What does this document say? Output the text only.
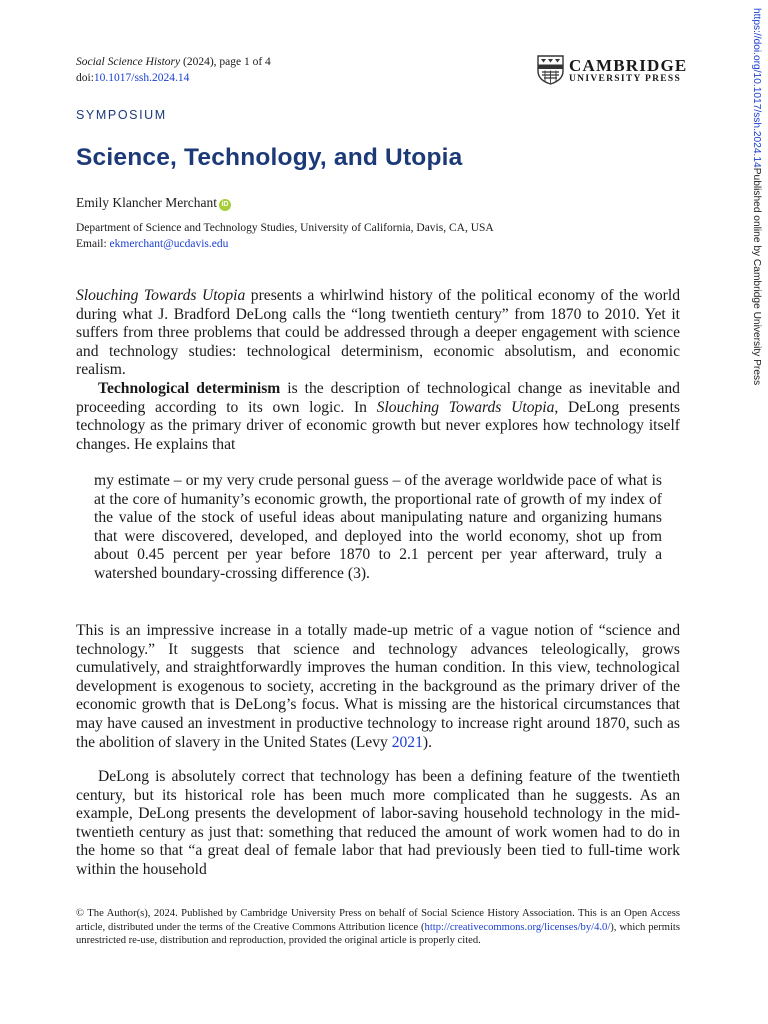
Social Science History (2024), page 1 of 4
doi:10.1017/ssh.2024.14
CAMBRIDGE
UNIVERSITY PRESS	https://doi.org/10.1017/ssh.2024.14Published online by Cambridge University Press
SYMPOSIUM
Science, Technology, and Utopia
Emily Klancher Merchant iD
Department of Science and Technology Studies, University of California, Davis, CA, USA
Email: ekmerchant@ucdavis.edu

Slouching Towards Utopia presents a whirlwind history of the political economy of the world during what J. Bradford DeLong calls the “long twentieth century” from 1870 to 2010. Yet it suffers from three problems that could be addressed through a deeper engagement with science and technology studies: technological determinism, economic absolutism, and economic realism.

Technological determinism is the description of technological change as inevitable and proceeding according to its own logic. In Slouching Towards Utopia, DeLong presents technology as the primary driver of economic growth but never explores how technology itself changes. He explains that

my estimate – or my very crude personal guess – of the average worldwide pace of what is at the core of humanity’s economic growth, the proportional rate of growth of my index of the value of the stock of useful ideas about manipulating nature and organizing humans that were discovered, developed, and deployed into the world economy, shot up from about 0.45 percent per year before 1870 to 2.1 percent per year afterward, truly a watershed boundary-crossing difference (3).

This is an impressive increase in a totally made-up metric of a vague notion of “science and technology.” It suggests that science and technology advances teleologically, grows cumulatively, and straightforwardly improves the human condition. In this view, technological development is exogenous to society, accreting in the background as the primary driver of the economic growth that is DeLong’s focus. What is missing are the historical circumstances that may have caused an investment in productive technology to increase right around 1870, such as the abolition of slavery in the United States (Levy 2021).

DeLong is absolutely correct that technology has been a defining feature of the twentieth century, but its historical role has been much more complicated than he suggests. As an example, DeLong presents the development of labor-saving household technology in the mid-twentieth century as just that: something that reduced the amount of work women had to do in the home so that “a great deal of female labor that had previously been tied to full-time work within the household

© The Author(s), 2024. Published by Cambridge University Press on behalf of Social Science History Association. This is an Open Access article, distributed under the terms of the Creative Commons Attribution licence (http://creativecommons.org/licenses/by/4.0/), which permits unrestricted re-use, distribution and reproduction, provided the original article is properly cited.
